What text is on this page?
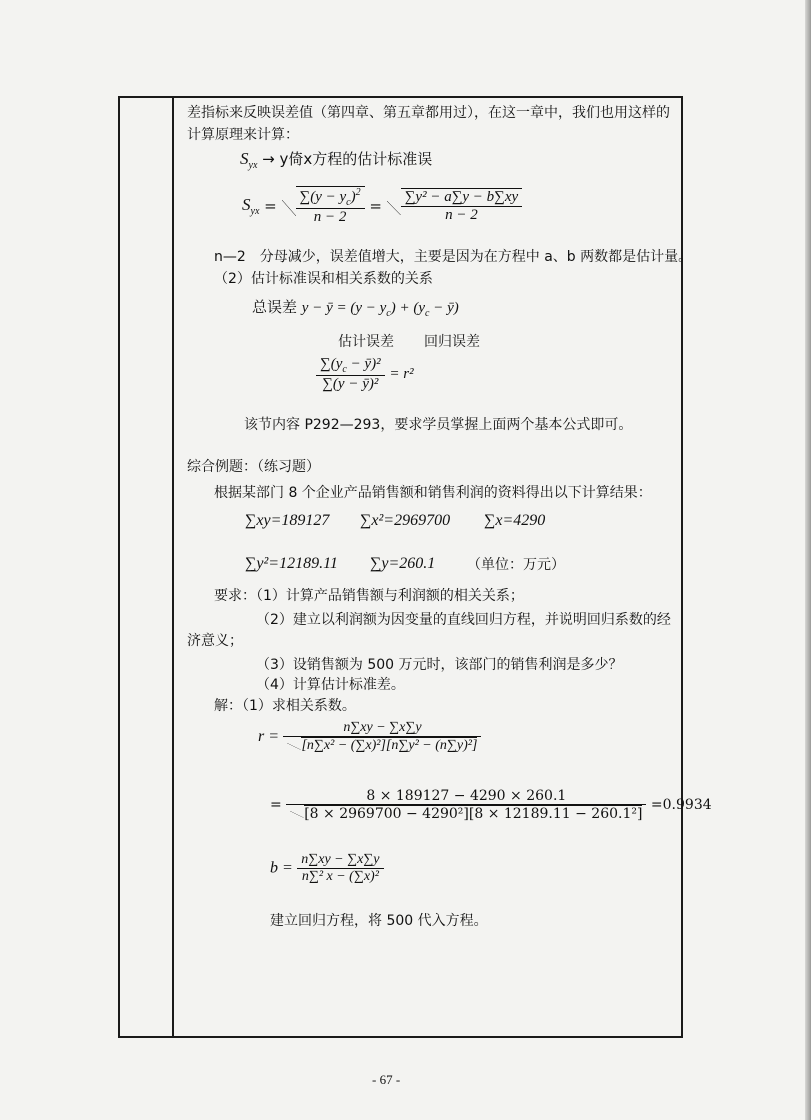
差指标来反映误差值（第四章、第五章都用过），在这一章中，我们也用这样的
计算原理来计算：
$S_{yx} \to y$倚x方程的估计标准误
$S_{yx} = \frac{\sum(y - y_c)^2}{n - 2} = \frac{\text{∑y² − a∑y − b∑xy}}{n - 2}$
n—2　分母减少，误差值增大，主要是因为在方程中 a、b 两数都是估计量。
（2）估计标准误和相关系数的关系
总误差 y − ȳ = $(y - y_c) + (y_c$ − ȳ)
估计误差 回归误差
$\frac{\sum(y_c - ȳ)^2}{\text{∑(y − ȳ)²}} = r^2$
该节内容 P292—293，要求学员掌握上面两个基本公式即可。
综合例题：（练习题）
根据某部门 8 个企业产品销售额和销售利润的资料得出以下计算结果：
∑xy=189127 ∑x²=2969700 ∑x=4290
∑y²=12189.11 ∑y=260.1 （单位：万元）
要求：（1）计算产品销售额与利润额的相关关系；
（2）建立以利润额为因变量的直线回归方程，并说明回归系数的经
济意义；
（3）设销售额为 500 万元时，该部门的销售利润是多少？
（4）计算估计标准差。
解：（1）求相关系数。
$r = \frac{n\sum xy - \sum x\sum y}{\text{[n∑x² − (∑x)²][n∑y² − (n∑y)²]}}$
= $\frac{8 \times 189127 - 4290 \times 260.1}{\text{[8 × 2969700 − 4290²][8 × 12189.11 − 260.1²]}} =0.9934$
$b = \frac{n\sum xy - \sum x\sum y}{\text{n∑² x − (∑x)²}}$
建立回归方程，将 500 代入方程。
- 67 -
